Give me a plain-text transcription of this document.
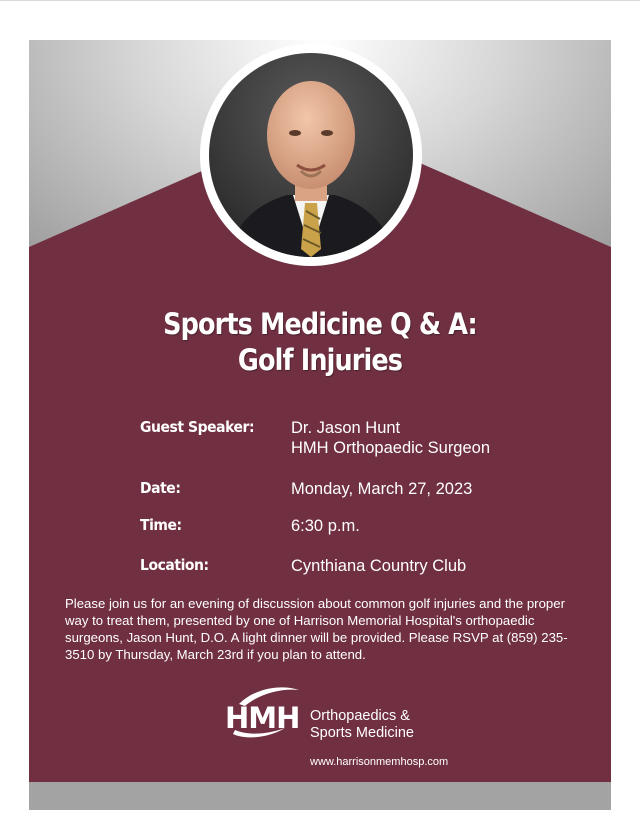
Sports Medicine Q & A:
Golf Injuries
Guest Speaker: Dr. Jason Hunt
HMH Orthopaedic Surgeon
Date:	Monday, March 27, 2023
Time:	6:30 p.m.
Location:	Cynthiana Country Club
Please join us for an evening of discussion about common golf injuries and the proper way to treat them, presented by one of Harrison Memorial Hospital's orthopaedic surgeons, Jason Hunt, D.O. A light dinner will be provided. Please RSVP at (859) 235-3510 by Thursday, March 23rd if you plan to attend.
HMH Orthopaedics &
Sports Medicine
www.harrisonmemhosp.com
